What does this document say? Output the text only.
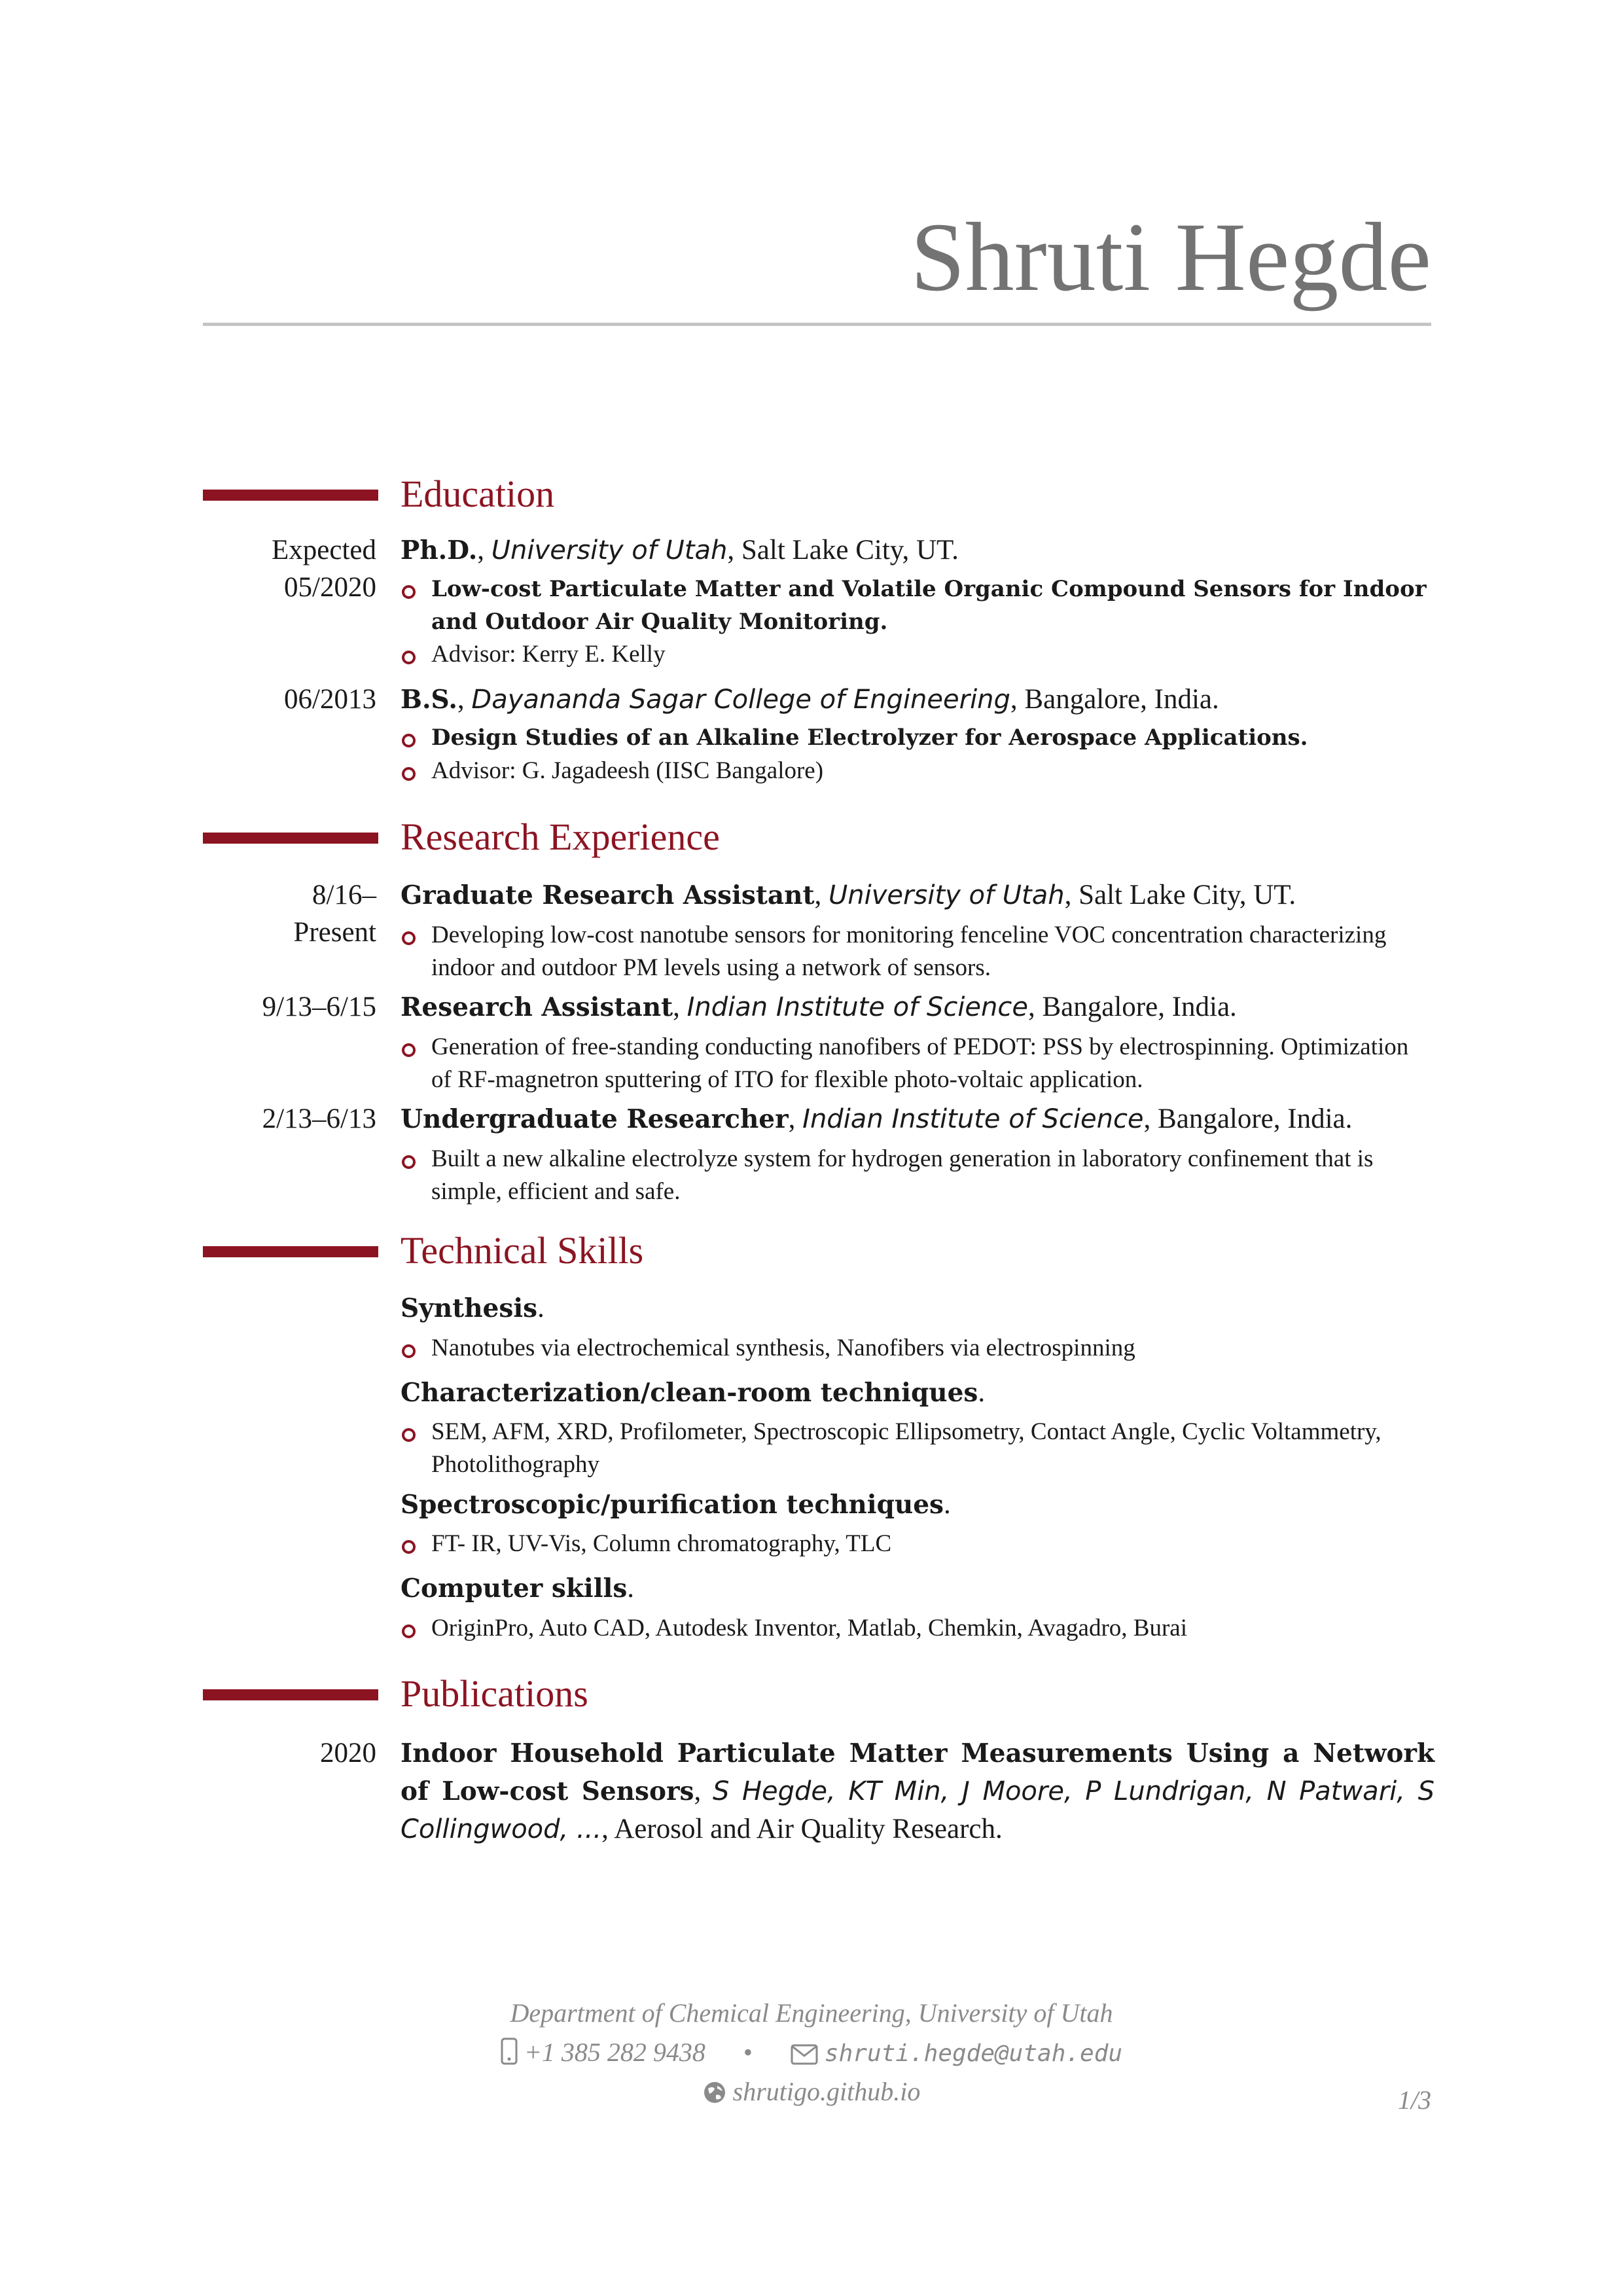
Shruti Hegde
Education
Expected
05/2020
Ph.D., University of Utah, Salt Lake City, UT.
Low-cost Particulate Matter and Volatile Organic Compound Sensors for Indoor and Outdoor Air Quality Monitoring.
Advisor: Kerry E. Kelly
06/2013 B.S., Dayananda Sagar College of Engineering, Bangalore, India.
Design Studies of an Alkaline Electrolyzer for Aerospace Applications.
Advisor: G. Jagadeesh (IISC Bangalore)
Research Experience
8/16–
Present
Graduate Research Assistant, University of Utah, Salt Lake City, UT.
Developing low-cost nanotube sensors for monitoring fenceline VOC concentration characterizing indoor and outdoor PM levels using a network of sensors.
9/13–6/15 Research Assistant, Indian Institute of Science, Bangalore, India.
Generation of free-standing conducting nanofibers of PEDOT: PSS by electrospinning. Optimization of RF-magnetron sputtering of ITO for flexible photo-voltaic application.
2/13–6/13 Undergraduate Researcher, Indian Institute of Science, Bangalore, India.
Built a new alkaline electrolyze system for hydrogen generation in laboratory confinement that is simple, efficient and safe.
Technical Skills
Synthesis.
Nanotubes via electrochemical synthesis, Nanofibers via electrospinning
Characterization/clean-room techniques.
SEM, AFM, XRD, Profilometer, Spectroscopic Ellipsometry, Contact Angle, Cyclic Voltammetry, Photolithography
Spectroscopic/purification techniques.
FT- IR, UV-Vis, Column chromatography, TLC
Computer skills.
OriginPro, Auto CAD, Autodesk Inventor, Matlab, Chemkin, Avagadro, Burai
Publications
2020 Indoor Household Particulate Matter Measurements Using a Network of Low-cost Sensors, S Hegde, KT Min, J Moore, P Lundrigan, N Patwari, S Collingwood, ..., Aerosol and Air Quality Research.
Department of Chemical Engineering, University of Utah
+1 385 282 9438 •	shruti.hegde@utah.edu
shrutigo.github.io	1/3
